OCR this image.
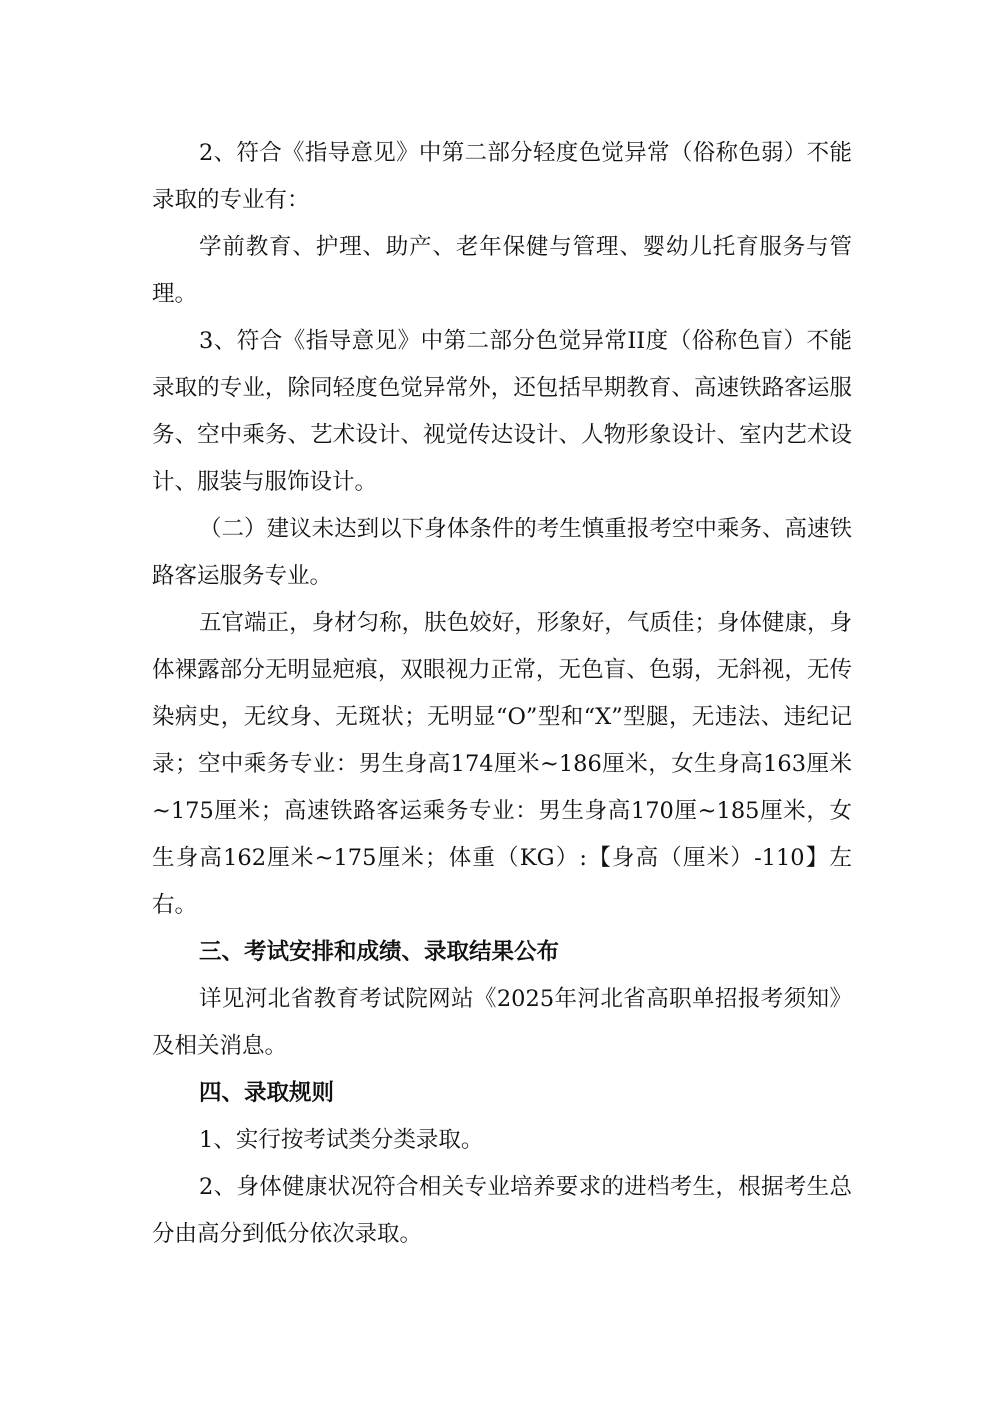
2、符合《指导意见》中第二部分轻度色觉异常（俗称色弱）不能录取的专业有：

学前教育、护理、助产、老年保健与管理、婴幼儿托育服务与管理。

3、符合《指导意见》中第二部分色觉异常II度（俗称色盲）不能录取的专业，除同轻度色觉异常外，还包括早期教育、高速铁路客运服务、空中乘务、艺术设计、视觉传达设计、人物形象设计、室内艺术设计、服装与服饰设计。

（二）建议未达到以下身体条件的考生慎重报考空中乘务、高速铁路客运服务专业。

五官端正，身材匀称，肤色姣好，形象好，气质佳；身体健康，身体裸露部分无明显疤痕，双眼视力正常，无色盲、色弱，无斜视，无传染病史，无纹身、无斑状；无明显“O”型和“X”型腿，无违法、违纪记录；空中乘务专业：男生身高174厘米~186厘米，女生身高163厘米~175厘米；高速铁路客运乘务专业：男生身高170厘~185厘米，女生身高162厘米~175厘米；体重（KG）:【身高（厘米）-110】左右。

三、考试安排和成绩、录取结果公布

详见河北省教育考试院网站《2025年河北省高职单招报考须知》及相关消息。

四、录取规则

1、实行按考试类分类录取。

2、身体健康状况符合相关专业培养要求的进档考生，根据考生总分由高分到低分依次录取。
